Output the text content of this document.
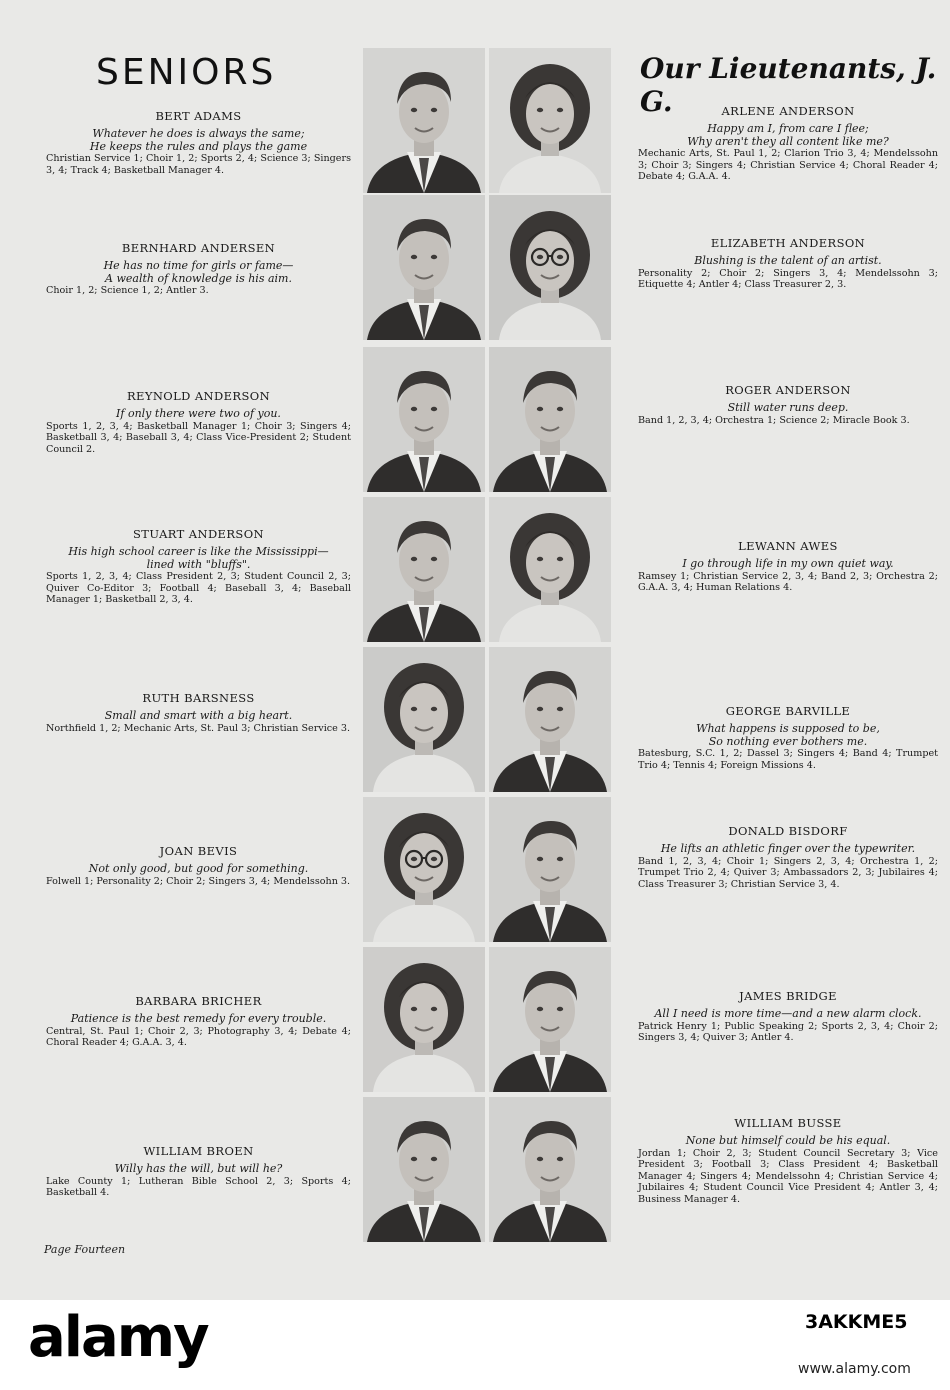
SENIORS	Our Lieutenants, J. G.
BERT ADAMS
Whatever he does is always the same;
He keeps the rules and plays the game
Christian Service 1; Choir 1, 2; Sports 2, 4; Science 3; Singers 3, 4; Track 4; Basketball Manager 4.
BERNHARD ANDERSEN
He has no time for girls or fame—
A wealth of knowledge is his aim.
Choir 1, 2; Science 1, 2; Antler 3.
REYNOLD ANDERSON
If only there were two of you.
Sports 1, 2, 3, 4; Basketball Manager 1; Choir 3; Singers 4; Basketball 3, 4; Baseball 3, 4; Class Vice-President 2; Student Council 2.
STUART ANDERSON
His high school career is like the Mississippi—
lined with "bluffs".
Sports 1, 2, 3, 4; Class President 2, 3; Student Council 2, 3; Quiver Co-Editor 3; Football 4; Baseball 3, 4; Baseball Manager 1; Basketball 2, 3, 4.
RUTH BARSNESS
Small and smart with a big heart.
Northfield 1, 2; Mechanic Arts, St. Paul 3; Christian Service 3.
JOAN BEVIS
Not only good, but good for something.
Folwell 1; Personality 2; Choir 2; Singers 3, 4; Mendelssohn 3.
BARBARA BRICHER
Patience is the best remedy for every trouble.
Central, St. Paul 1; Choir 2, 3; Photography 3, 4; Debate 4; Choral Reader 4; G.A.A. 3, 4.
WILLIAM BROEN
Willy has the will, but will he?
Lake County 1; Lutheran Bible School 2, 3; Sports 4; Basketball 4.
ARLENE ANDERSON
Happy am I, from care I flee;
Why aren't they all content like me?
Mechanic Arts, St. Paul 1, 2; Clarion Trio 3, 4; Mendelssohn 3; Choir 3; Singers 4; Christian Service 4; Choral Reader 4; Debate 4; G.A.A. 4.
ELIZABETH ANDERSON
Blushing is the talent of an artist.
Personality 2; Choir 2; Singers 3, 4; Mendelssohn 3; Etiquette 4; Antler 4; Class Treasurer 2, 3.
ROGER ANDERSON
Still water runs deep.
Band 1, 2, 3, 4; Orchestra 1; Science 2; Miracle Book 3.
LEWANN AWES
I go through life in my own quiet way.
Ramsey 1; Christian Service 2, 3, 4; Band 2, 3; Orchestra 2; G.A.A. 3, 4; Human Relations 4.
GEORGE BARVILLE
What happens is supposed to be,
So nothing ever bothers me.
Batesburg, S.C. 1, 2; Dassel 3; Singers 4; Band 4; Trumpet Trio 4; Tennis 4; Foreign Missions 4.
DONALD BISDORF
He lifts an athletic finger over the typewriter.
Band 1, 2, 3, 4; Choir 1; Singers 2, 3, 4; Orchestra 1, 2; Trumpet Trio 2, 4; Quiver 3; Ambassadors 2, 3; Jubilaires 4; Class Treasurer 3; Christian Service 3, 4.
JAMES BRIDGE
All I need is more time—and a new alarm clock.
Patrick Henry 1; Public Speaking 2; Sports 2, 3, 4; Choir 2; Singers 3, 4; Quiver 3; Antler 4.
WILLIAM BUSSE
None but himself could be his equal.
Jordan 1; Choir 2, 3; Student Council Secretary 3; Vice President 3; Football 3; Class President 4; Basketball Manager 4; Singers 4; Mendelssohn 4; Christian Service 4; Jubilaires 4; Student Council Vice President 4; Antler 3, 4; Business Manager 4.
Page Fourteen
alamy	3AKKME5
www.alamy.com
